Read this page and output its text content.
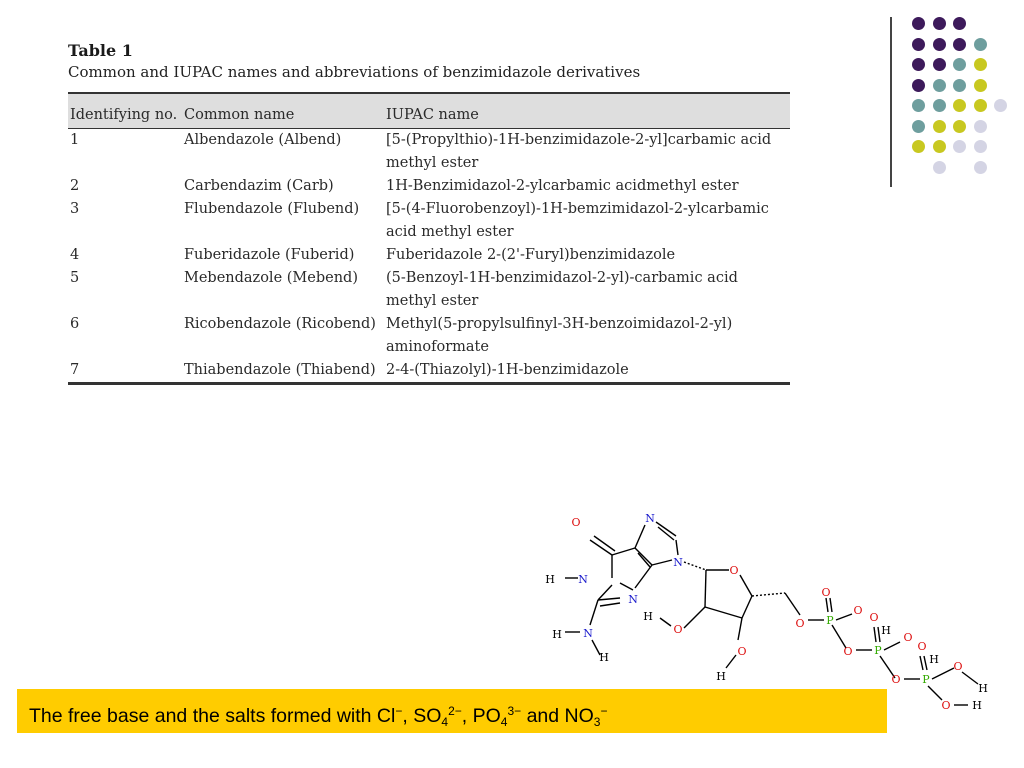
Table 1

Common and IUPAC names and abbreviations of benzimidazole derivatives

Identifying no.	Common name	IUPAC name
1	Albendazole (Albend)	[5-(Propylthio)-1H-benzimidazole-2-yl]carbamic acid methyl ester
2	Carbendazim (Carb)	1H-Benzimidazol-2-ylcarbamic acidmethyl ester
3	Flubendazole (Flubend)	[5-(4-Fluorobenzoyl)-1H-bemzimidazol-2-ylcarbamic acid methyl ester
4	Fuberidazole (Fuberid)	Fuberidazole 2-(2'-Furyl)benzimidazole
5	Mebendazole (Mebend)	(5-Benzoyl-1H-benzimidazol-2-yl)-carbamic acid methyl ester
6	Ricobendazole (Ricobend)	Methyl(5-propylsulfinyl-3H-benzoimidazol-2-yl) aminoformate
7	Thiabendazole (Thiabend)	2-4-(Thiazolyl)-1H-benzimidazole
O	N
N
O
N
H
N
H N
H
H
O
O
H
O
O P
O
O
H
O P
O
O
H
O
O P
H
O H
The free base and the salts formed with Cl−, $SO_4^{2-}$, $PO_4^{3-}$ and $NO_3^-$
